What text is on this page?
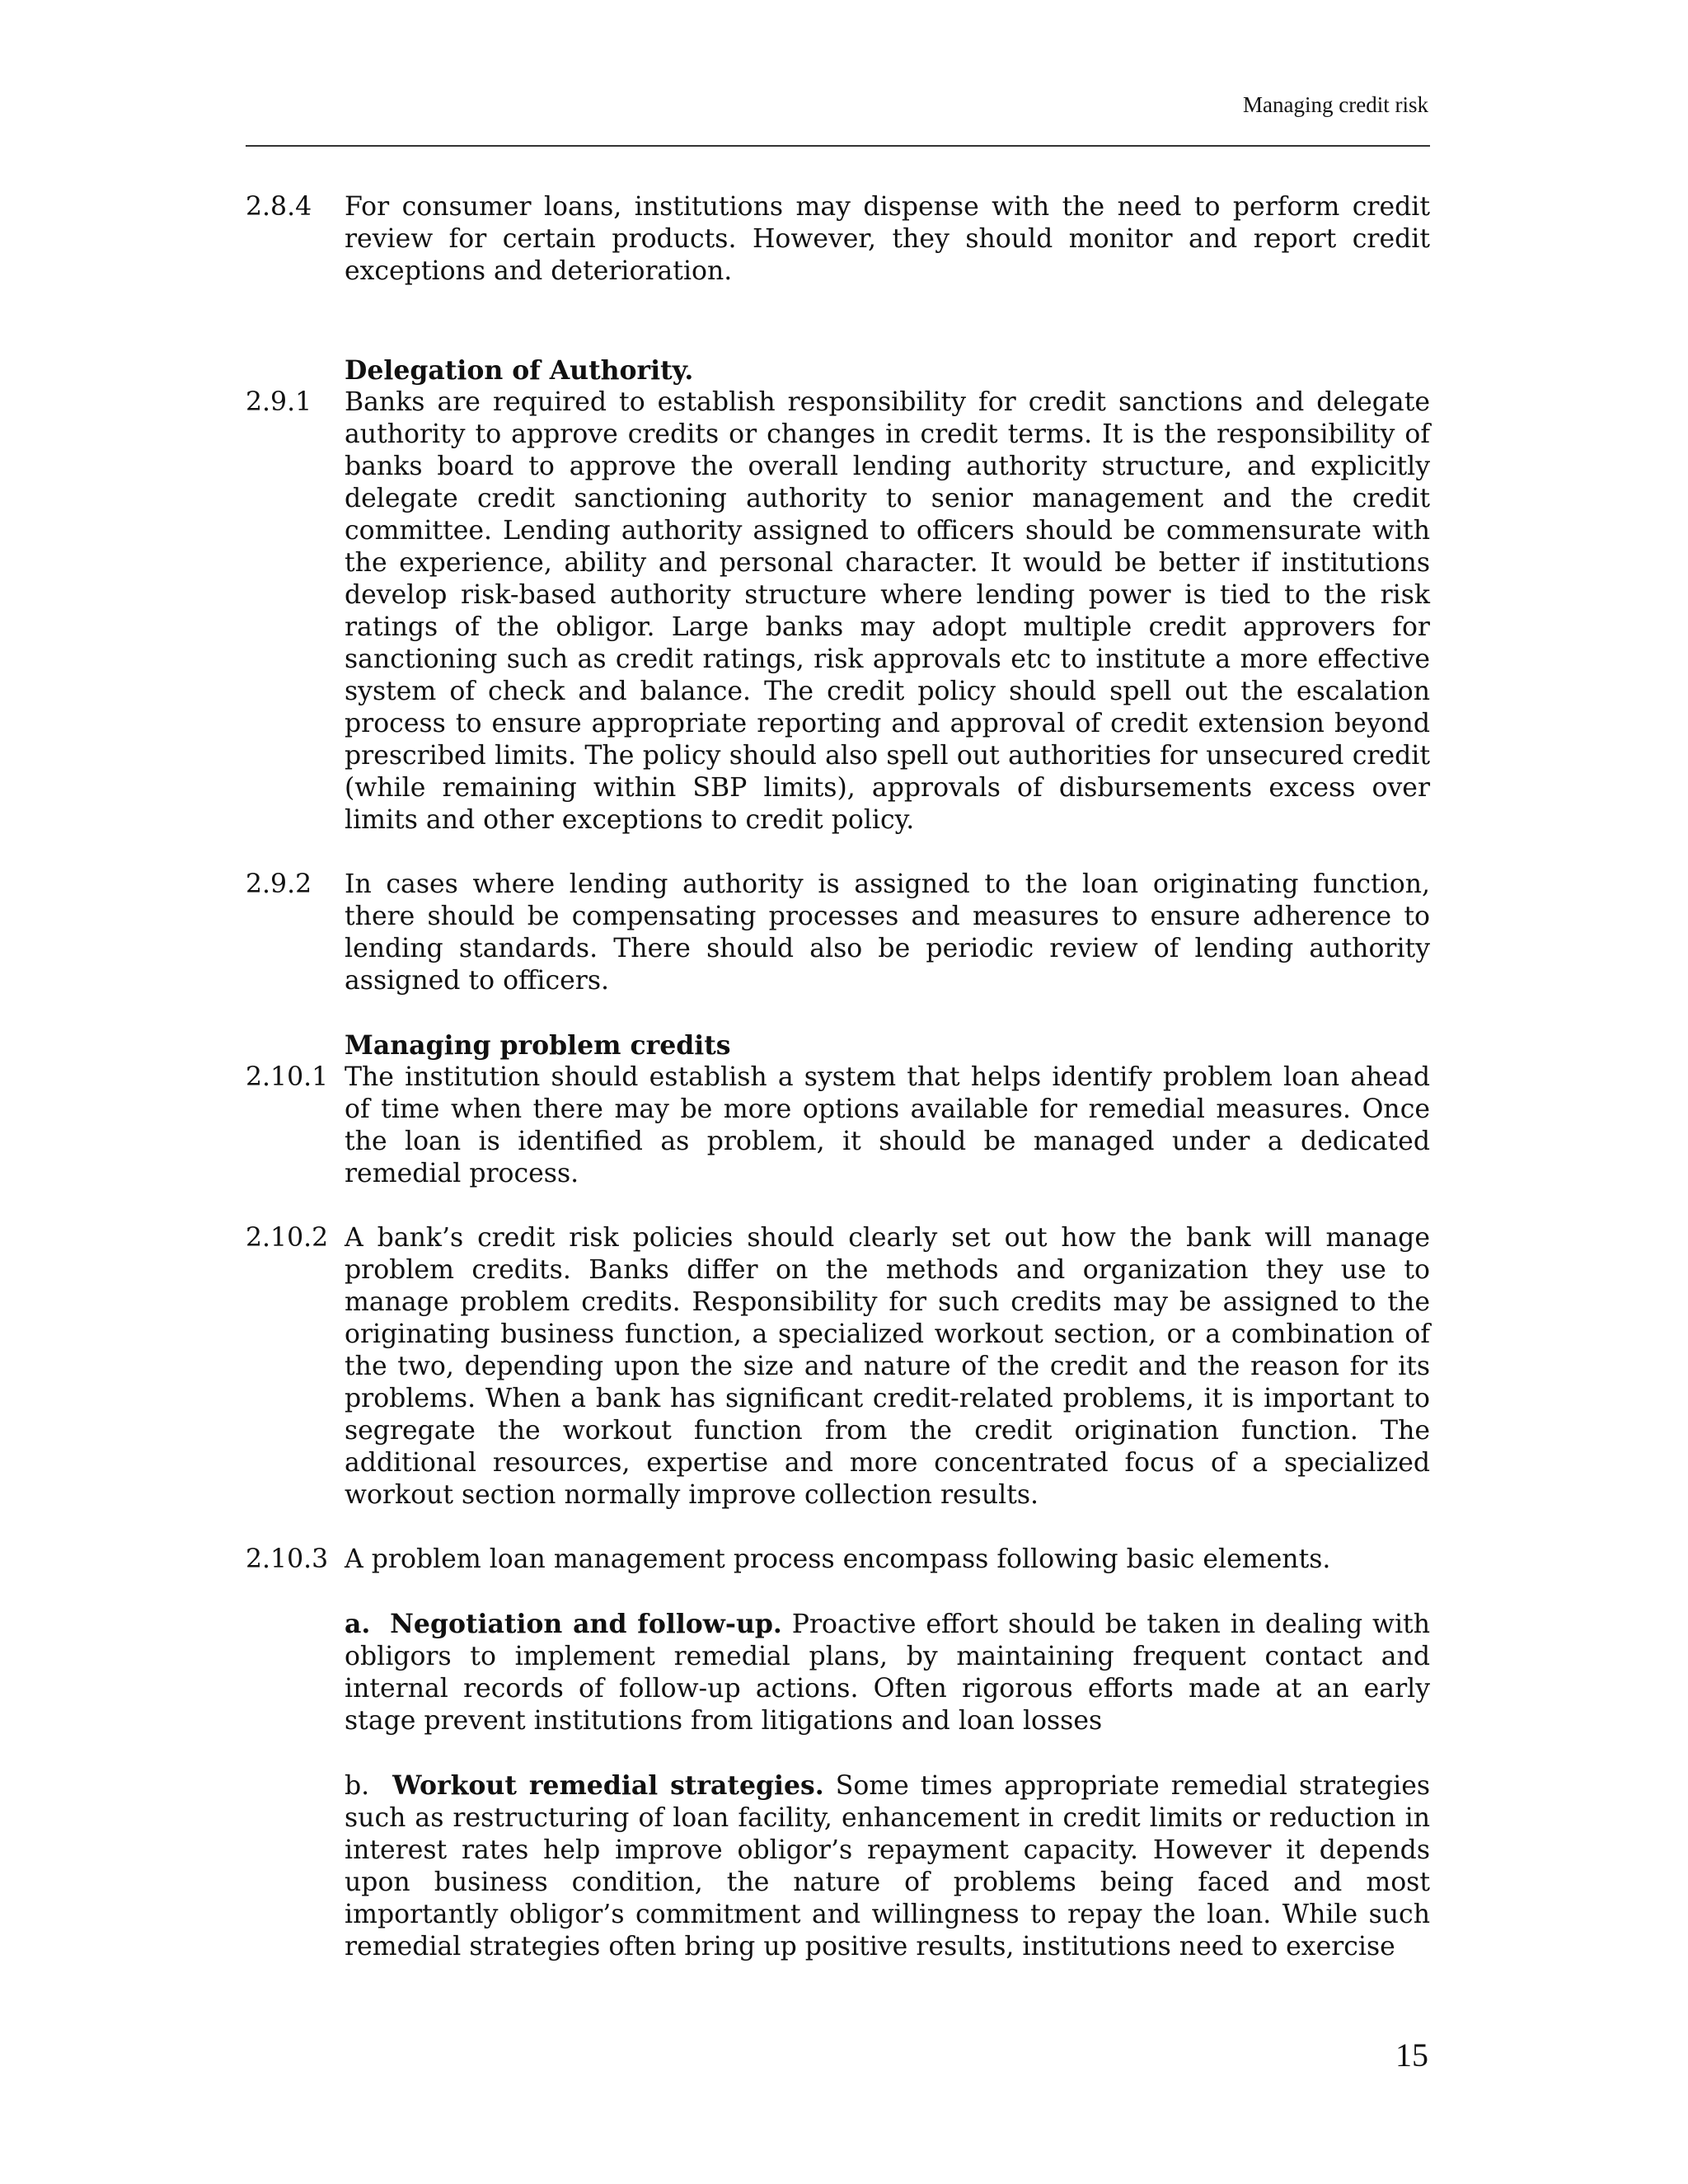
Managing credit risk
2.8.4	For consumer loans, institutions may dispense with the need to perform credit review for certain products. However, they should monitor and report credit exceptions and deterioration.
Delegation of Authority.
2.9.1	Banks are required to establish responsibility for credit sanctions and delegate authority to approve credits or changes in credit terms. It is the responsibility of banks board to approve the overall lending authority structure, and explicitly delegate credit sanctioning authority to senior management and the credit committee. Lending authority assigned to officers should be commensurate with the experience, ability and personal character. It would be better if institutions develop risk-based authority structure where lending power is tied to the risk ratings of the obligor. Large banks may adopt multiple credit approvers for sanctioning such as credit ratings, risk approvals etc to institute a more effective system of check and balance. The credit policy should spell out the escalation process to ensure appropriate reporting and approval of credit extension beyond prescribed limits. The policy should also spell out authorities for unsecured credit (while remaining within SBP limits), approvals of disbursements excess over limits and other exceptions to credit policy.
2.9.2	In cases where lending authority is assigned to the loan originating function, there should be compensating processes and measures to ensure adherence to lending standards. There should also be periodic review of lending authority assigned to officers.
Managing problem credits
2.10.1 The institution should establish a system that helps identify problem loan ahead of time when there may be more options available for remedial measures. Once the loan is identified as problem, it should be managed under a dedicated remedial process.
2.10.2 A bank’s credit risk policies should clearly set out how the bank will manage problem credits. Banks differ on the methods and organization they use to manage problem credits. Responsibility for such credits may be assigned to the originating business function, a specialized workout section, or a combination of the two, depending upon the size and nature of the credit and the reason for its problems. When a bank has significant credit-related problems, it is important to segregate the workout function from the credit origination function. The additional resources, expertise and more concentrated focus of a specialized workout section normally improve collection results.
2.10.3 A problem loan management process encompass following basic elements.
a. Negotiation and follow-up. Proactive effort should be taken in dealing with obligors to implement remedial plans, by maintaining frequent contact and internal records of follow-up actions. Often rigorous efforts made at an early stage prevent institutions from litigations and loan losses
b. Workout remedial strategies. Some times appropriate remedial strategies such as restructuring of loan facility, enhancement in credit limits or reduction in interest rates help improve obligor’s repayment capacity. However it depends upon business condition, the nature of problems being faced and most importantly obligor’s commitment and willingness to repay the loan. While such remedial strategies often bring up positive results, institutions need to exercise
15
